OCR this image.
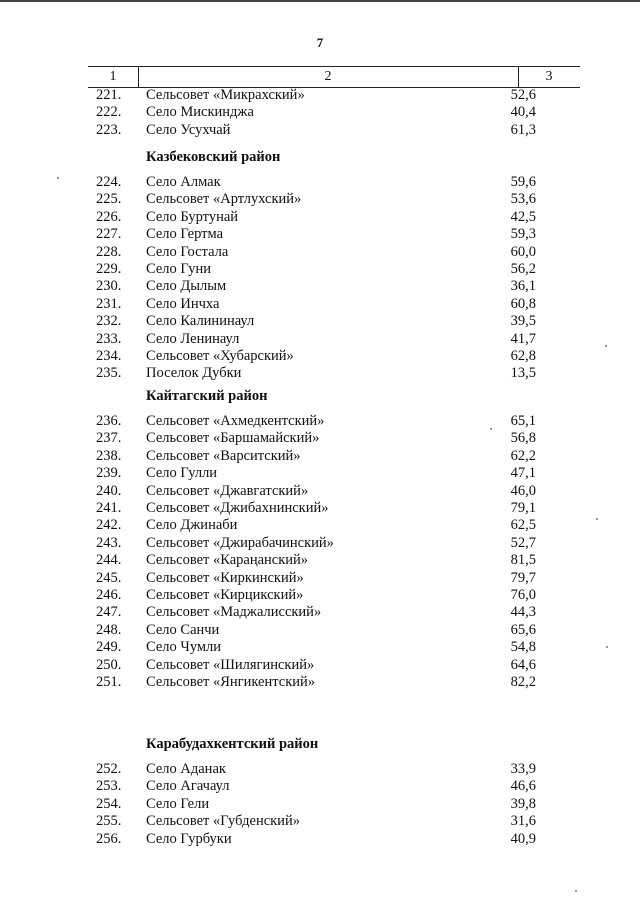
7
1	2	3
221.	Сельсовет «Микрахский»	52,6
222.	Село Мискинджа	40,4
223.	Село Усухчай	61,3
Казбековский район
224.	Село Алмак	59,6
225.	Сельсовет «Артлухский»	53,6
226.	Село Буртунай	42,5
227.	Село Гертма	59,3
228.	Село Гостала	60,0
229.	Село Гуни	56,2
230.	Село Дылым	36,1
231.	Село Инчха	60,8
232.	Село Калининаул	39,5
233.	Село Ленинаул	41,7
234.	Сельсовет «Хубарский»	62,8
235.	Поселок Дубки	13,5
Кайтагский район
236.	Сельсовет «Ахмедкентский»	65,1
237.	Сельсовет «Баршамайский»	56,8
238.	Сельсовет «Варситский»	62,2
239.	Село Гулли	47,1
240.	Сельсовет «Джавгатский»	46,0
241.	Сельсовет «Джибахнинский»	79,1
242.	Село Джинаби	62,5
243.	Сельсовет «Джирабачинский»	52,7
244.	Сельсовет «Караңанский»	81,5
245.	Сельсовет «Киркинский»	79,7
246.	Сельсовет «Кирцикский»	76,0
247.	Сельсовет «Маджалисский»	44,3
248.	Село Санчи	65,6
249.	Село Чумли	54,8
250.	Сельсовет «Шилягинский»	64,6
251.	Сельсовет «Янгикентский»	82,2
Карабудахкентский район
252.	Село Аданак	33,9
253.	Село Агачаул	46,6
254.	Село Гели	39,8
255.	Сельсовет «Губденский»	31,6
256.	Село Гурбуки	40,9
